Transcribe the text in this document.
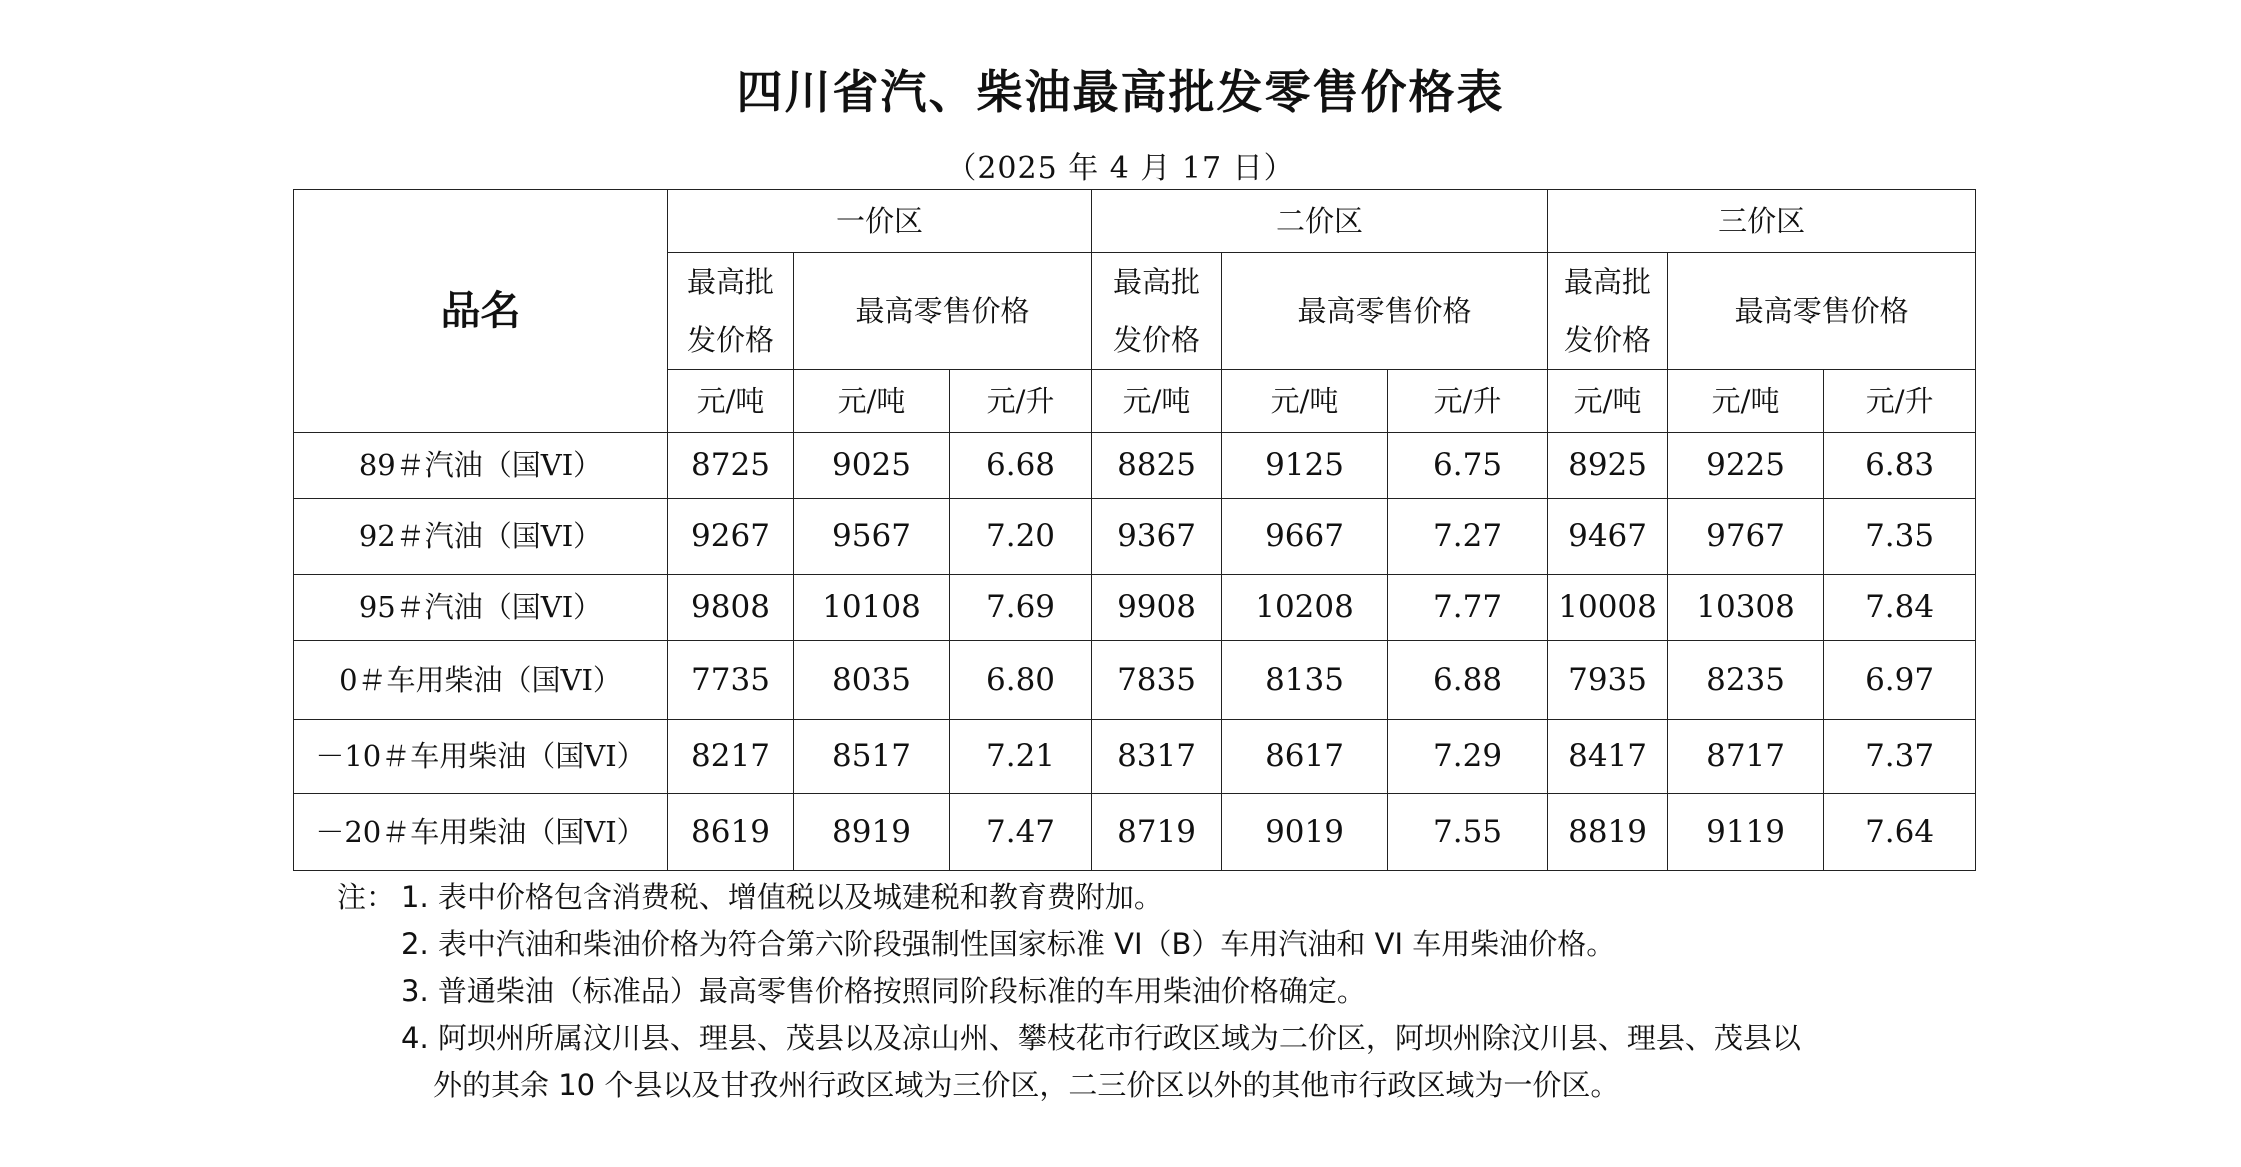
四川省汽、柴油最高批发零售价格表
（2025 年 4 月 17 日）
品名	一价区			二价区			三价区		
	最高批发价格	最高零售价格		最高批发价格	最高零售价格		最高批发价格	最高零售价格	
	元/吨	元/吨	元/升	元/吨	元/吨	元/升	元/吨	元/吨	元/升
89＃汽油（国VI）	8725	9025	6.68	8825	9125	6.75	8925	9225	6.83
92＃汽油（国VI）	9267	9567	7.20	9367	9667	7.27	9467	9767	7.35
95＃汽油（国VI）	9808	10108	7.69	9908	10208	7.77	10008	10308	7.84
0＃车用柴油（国VI）	7735	8035	6.80	7835	8135	6.88	7935	8235	6.97
－10＃车用柴油（国VI）	8217	8517	7.21	8317	8617	7.29	8417	8717	7.37
－20＃车用柴油（国VI）	8619	8919	7.47	8719	9019	7.55	8819	9119	7.64
注： 1. 表中价格包含消费税、增值税以及城建税和教育费附加。
2. 表中汽油和柴油价格为符合第六阶段强制性国家标准 VI（B）车用汽油和 VI 车用柴油价格。
3. 普通柴油（标准品）最高零售价格按照同阶段标准的车用柴油价格确定。
4. 阿坝州所属汶川县、理县、茂县以及凉山州、攀枝花市行政区域为二价区，阿坝州除汶川县、理县、茂县以
外的其余 10 个县以及甘孜州行政区域为三价区，二三价区以外的其他市行政区域为一价区。
